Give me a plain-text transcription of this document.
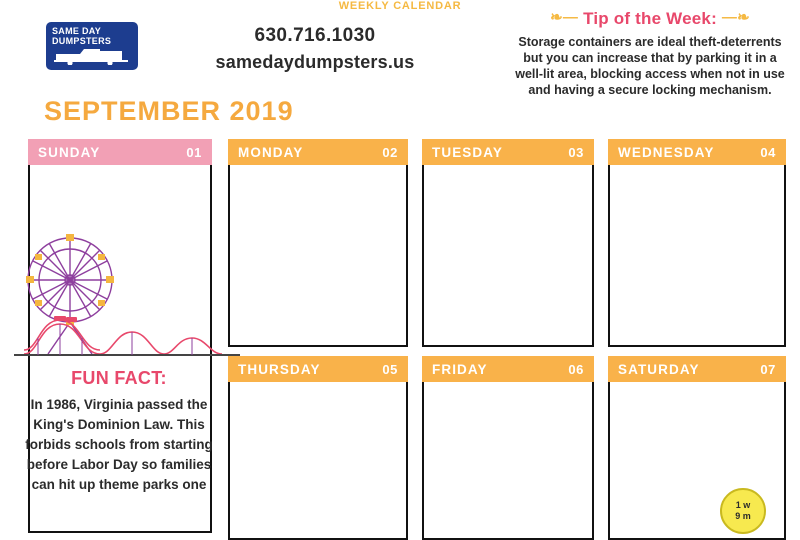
WEEKLY CALENDAR
SAME DAY
DUMPSTERS	630.716.1030
samedaydumpsters.us
❧— Tip of the Week: —❧
Storage containers are ideal theft-deterrents but you can increase that by parking it in a well-lit area, blocking access when not in use and having a secure locking mechanism.
SEPTEMBER 2019
SUNDAY	01	MONDAY	02	TUESDAY	03	WEDNESDAY	04
THURSDAY	05	FRIDAY	06	SATURDAY	07
FUN FACT:
In 1986, Virginia passed the King's Dominion Law. This forbids schools from starting before Labor Day so families can hit up theme parks one
1 w
9 m
